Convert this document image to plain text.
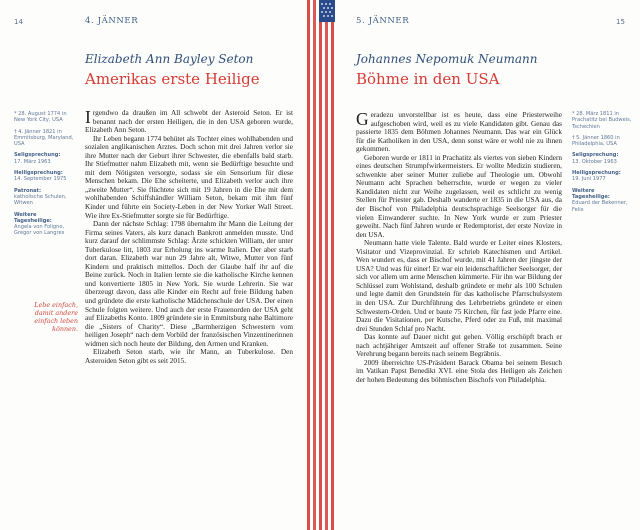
14	4. JÄNNER
Elizabeth Ann Bayley Seton
Amerikas erste Heilige
* 28. August 1774 in New York City, USA
† 4. Jänner 1821 in Emmitsburg, Maryland, USA
Seligsprechung:
17. März 1963
Heiligsprechung:
14. September 1975
Patronat:
katholische Schulen, Witwen
Weitere Tagesheilige:
Angela von Foligno, Gregor von Langres
Lebe einfach, damit andere einfach leben können.

Irgendwo da draußen im All schwebt der Asteroid Seton. Er ist benannt nach der ersten Heiligen, die in den USA geboren wurde, Elizabeth Ann Seton.

Ihr Leben begann 1774 behütet als Tochter eines wohlhabenden und sozialen anglikanischen Arztes. Doch schon mit drei Jahren verlor sie ihre Mutter nach der Geburt ihrer Schwester, die ebenfalls bald starb. Ihr Stiefmutter nahm Elizabeth mit, wenn sie Bedürftige besuchte und mit dem Nötigsten versorgte, sodass sie ein Sensorium für diese Menschen bekam. Die Ehe scheiterte, und Elizabeth verlor auch ihre „zweite Mutter“. Sie flüchtete sich mit 19 Jahren in die Ehe mit dem wohlhabenden Schiffshändler William Seton, bekam mit ihm fünf Kinder und führte ein Society-Leben in der New Yorker Wall Street. Wie ihre Ex-Stiefmutter sorgte sie für Bedürftige.

Dann der nächste Schlag: 1798 übernahm ihr Mann die Leitung der Firma seines Vaters, als kurz danach Bankrott anmelden musste. Und kurz darauf der schlimmste Schlag: Ärzte schickten William, der unter Tuberkulose litt, 1803 zur Erholung ins warme Italien. Der aber starb dort daran. Elizabeth war nun 29 Jahre alt, Witwe, Mutter von fünf Kindern und praktisch mittellos. Doch der Glaube half ihr auf die Beine zurück. Noch in Italien lernte sie die katholische Kirche kennen und konvertierte 1805 in New York. Sie wurde Lehrerin. Sie war überzeugt davon, dass alle Kinder ein Recht auf freie Bildung haben und gründete die erste katholische Mädchenschule der USA. Der einen Schule folgten weitere. Und auch der erste Frauenorden der USA geht auf Elizabeths Konto. 1809 gründete sie in Emmitsburg nahe Baltimore die „Sisters of Charity“. Diese „Barmherzigen Schwestern vom heiligen Joseph“ nach dem Vorbild der französischen Vinzentinerinnen widmen sich noch heute der Bildung, den Armen und Kranken.

Elizabeth Seton starb, wie ihr Mann, an Tuberkulose. Den Asteroiden Seton gibt es seit 2015.

15
5. JÄNNER
Johannes Nepomuk Neumann
Böhme in den USA

Geradezu unvorstellbar ist es heute, dass eine Priesterweihe aufgeschoben wird, weil es zu viele Kandidaten gibt. Genau das passierte 1835 dem Böhmen Johannes Neumann. Das war ein Glück für die Katholiken in den USA, denn sonst wäre er wohl nie zu ihnen gekommen.

Geboren wurde er 1811 in Prachatitz als viertes von sieben Kindern eines deutschen Strumpfwirkermeisters. Er wollte Medizin studieren, schwenkte aber seiner Mutter zuliebe auf Theologie um. Obwohl Neumann acht Sprachen beherrschte, wurde er wegen zu vieler Kandidaten nicht zur Weihe zugelassen, weil es schlicht zu wenig Stellen für Priester gab. Deshalb wanderte er 1835 in die USA aus, da der Bischof von Philadelphia deutschsprachige Seelsorger für die vielen Einwanderer suchte. In New York wurde er zum Priester geweiht. Nach fünf Jahren wurde er Redemptorist, der erste Novize in den USA.

Neumann hatte viele Talente. Bald wurde er Leiter eines Klosters, Visitator und Vizeprovinzial. Er schrieb Katechismen und Artikel. Wen wundert es, dass er Bischof wurde, mit 41 Jahren der jüngste der USA? Und was für einer! Er war ein leidenschaftlicher Seelsorger, der sich vor allem um arme Menschen kümmerte. Für ihn war Bildung der Schlüssel zum Wohlstand, deshalb gründete er mehr als 100 Schulen und legte damit den Grundstein für das katholische Pfarrschulsystem in den USA. Zur Durchführung des Lehrbetriebs gründete er einen Schwestern-Orden. Und er baute 75 Kirchen, für fast jede Pfarre eine. Dazu die Visitationen, per Kutsche, Pferd oder zu Fuß, mit maximal drei Stunden Schlaf pro Nacht.

Das konnte auf Dauer nicht gut gehen. Völlig erschöpft brach er nach achtjähriger Amtszeit auf offener Straße tot zusammen. Seine Verehrung begann bereits nach seinem Begräbnis.

2009 überreichte US-Präsident Barack Obama bei seinem Besuch im Vatikan Papst Benedikt XVI. eine Stola des Heiligen als Zeichen der hohen Bedeutung des böhmischen Bischofs von Philadelphia.

* 28. März 1811 in Prachatitz bei Budweis, Tschechien
† 5. Jänner 1860 in Philadelphia, USA
Seligsprechung:
13. Oktober 1963
Heiligsprechung:
19. Juni 1977
Weitere Tagesheilige:
Eduard der Bekenner, Felix
